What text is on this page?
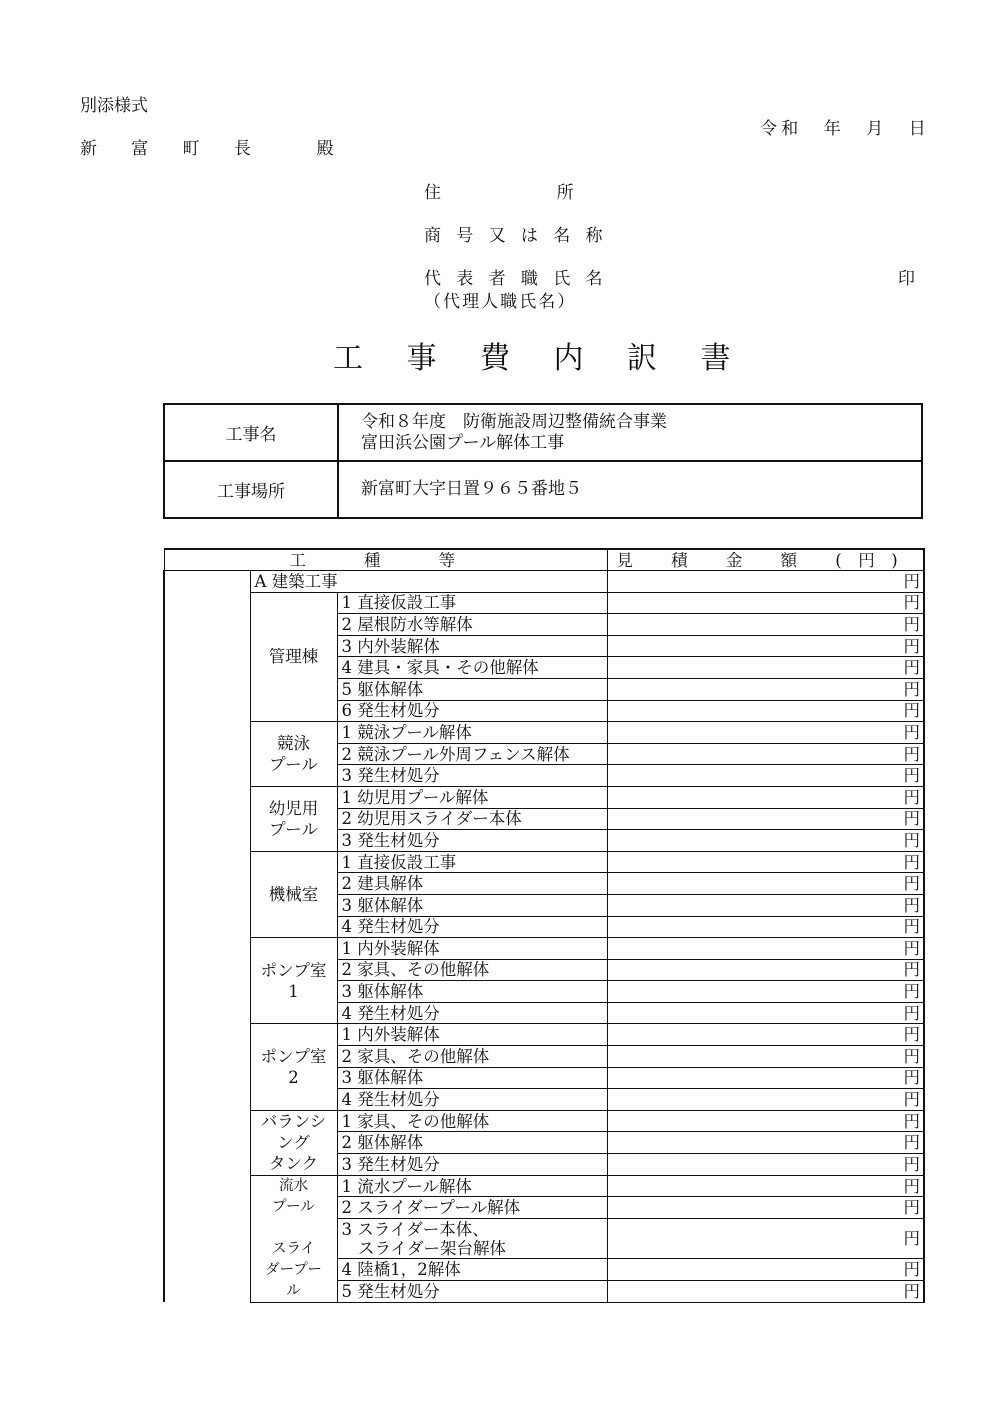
別添様式
令和　年　月　日
新 富 町 長　 殿
住　　　　　所
商号又は名称
代表者職氏名	印
（代理人職氏名）
工事費内訳書
工事名	令和８年度　防衛施設周辺整備統合事業
富田浜公園プール解体工事

工事場所	新富町大字日置９６５番地５
工 種 等			見 積 金 額 (円)
	A 建築工事		円
	管理棟	1 直接仮設工事	円
		2 屋根防水等解体	円
		3 内外装解体	円
		4 建具・家具・その他解体	円
		5 躯体解体	円
		6 発生材処分	円
	競泳
プール	1 競泳プール解体	円
		2 競泳プール外周フェンス解体	円
		3 発生材処分	円
	幼児用
プール	1 幼児用プール解体	円
		2 幼児用スライダー本体	円
		3 発生材処分	円
	機械室	1 直接仮設工事	円
		2 建具解体	円
		3 躯体解体	円
		4 発生材処分	円
	ポンプ室
1	1 内外装解体	円
		2 家具、その他解体	円
		3 躯体解体	円
		4 発生材処分	円
	ポンプ室
2	1 内外装解体	円
		2 家具、その他解体	円
		3 躯体解体	円
		4 発生材処分	円
	バランシ
ング
タンク	1 家具、その他解体	円
		2 躯体解体	円
		3 発生材処分	円
	流水
プール

スライ
ダープー
ル	1 流水プール解体	円
		2 スライダープール解体	円
		3 スライダー本体、
　スライダー架台解体	円
		4 陸橋1，2解体	円
		5 発生材処分	円
